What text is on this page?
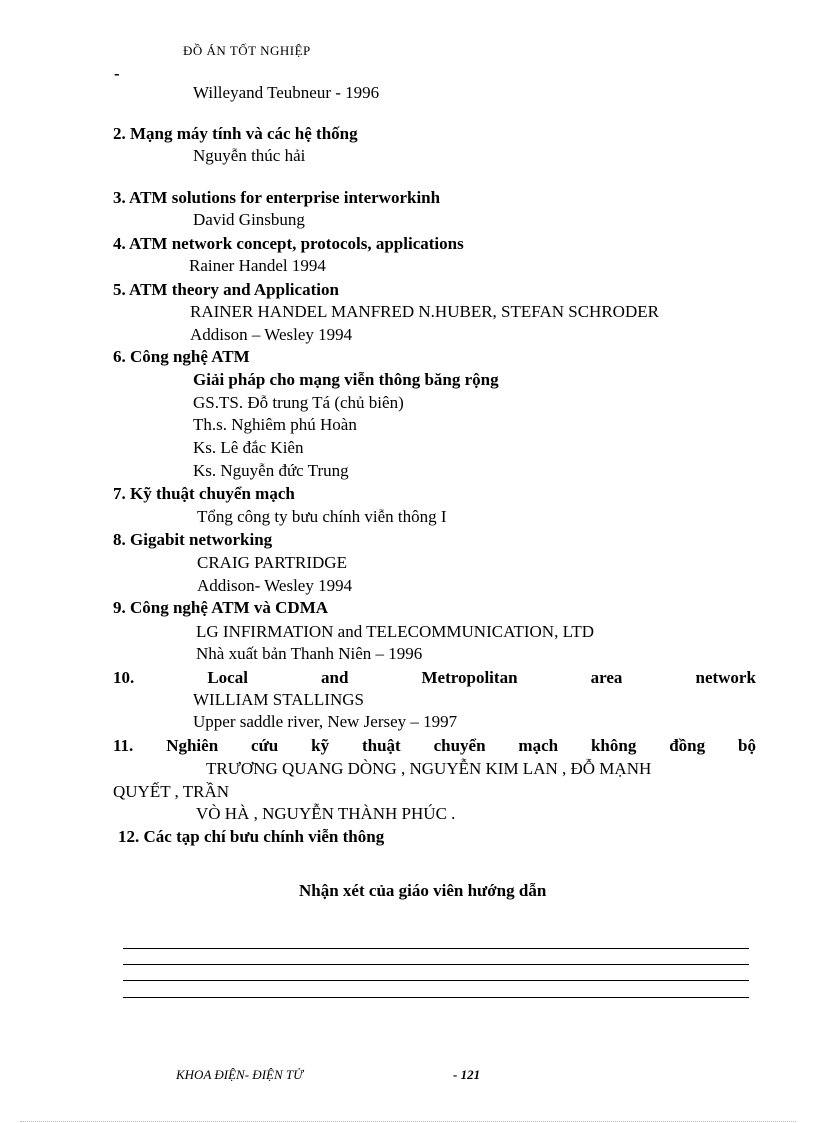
ĐỒ ÁN TỐT NGHIỆP
-
Willeyand Teubneur - 1996
2. Mạng máy tính và các hệ thống
Nguyễn thúc hải
3. ATM solutions for enterprise interworkinh
David Ginsbung
4. ATM network concept, protocols, applications
Rainer Handel 1994
5. ATM theory and Application
RAINER HANDEL MANFRED N.HUBER, STEFAN SCHRODER
Addison – Wesley 1994
6. Công nghệ ATM
Giải pháp cho mạng viễn thông băng rộng
GS.TS. Đỗ trung Tá (chủ biên)
Th.s. Nghiêm phú Hoàn
Ks. Lê đắc Kiên
Ks. Nguyễn đức Trung
7. Kỹ thuật chuyển mạch
Tổng công ty bưu chính viễn thông I
8. Gigabit networking
CRAIG PARTRIDGE
Addison- Wesley 1994
9. Công nghệ ATM và CDMA
LG INFIRMATION and TELECOMMUNICATION, LTD
Nhà xuất bản Thanh Niên – 1996
10.	Local	and	Metropolitan	area	network
WILLIAM STALLINGS
Upper saddle river, New Jersey – 1997
11. Nghiên cứu kỹ thuật chuyển mạch không đồng bộ
TRƯƠNG QUANG DÒNG , NGUYỄN KIM LAN , ĐỖ MẠNH
QUYẾT , TRẦN
VÒ HÀ , NGUYỄN THÀNH PHÚC .
12. Các tạp chí bưu chính viễn thông
Nhận xét của giáo viên hướng dẫn
KHOA ĐIỆN- ĐIỆN TỬ	- 121
